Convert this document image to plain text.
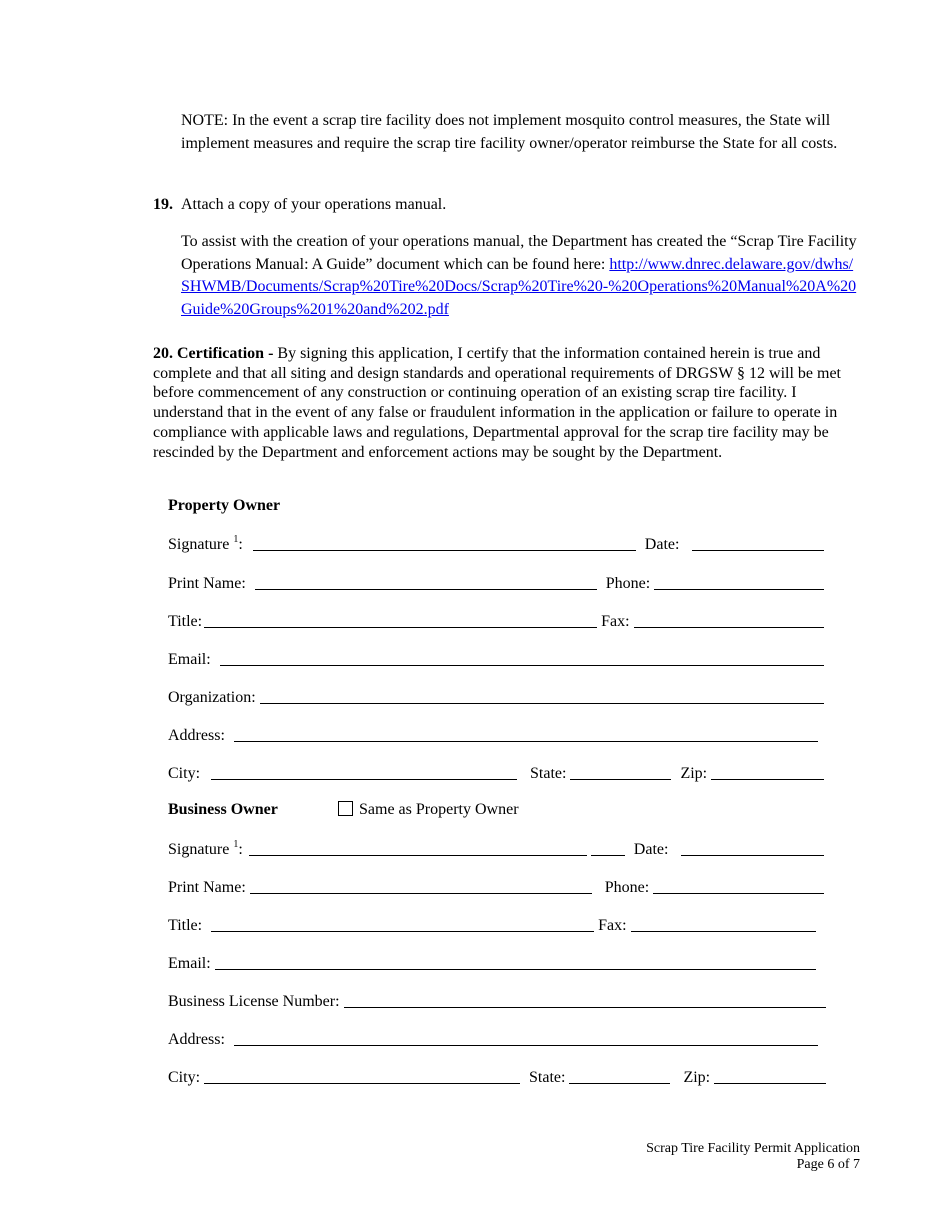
NOTE: In the event a scrap tire facility does not implement mosquito control measures, the State will implement measures and require the scrap tire facility owner/operator reimburse the State for all costs.
19. Attach a copy of your operations manual.
To assist with the creation of your operations manual, the Department has created the “Scrap Tire Facility Operations Manual: A Guide” document which can be found here: http://www.dnrec.delaware.gov/dwhs/SHWMB/Documents/Scrap%20Tire%20Docs/Scrap%20Tire%20-%20Operations%20Manual%20A%20Guide%20Groups%201%20and%202.pdf
20. Certification - By signing this application, I certify that the information contained herein is true and complete and that all siting and design standards and operational requirements of DRGSW § 12 will be met before commencement of any construction or continuing operation of an existing scrap tire facility. I understand that in the event of any false or fraudulent information in the application or failure to operate in compliance with applicable laws and regulations, Departmental approval for the scrap tire facility may be rescinded by the Department and enforcement actions may be sought by the Department.
Property Owner
Signature $^1$:	Date:
Print Name:	Phone:
Title:	Fax:
Email:
Organization:
Address:
City:	State:	Zip:
Business Owner	Same as Property Owner
Signature $^1$:	Date:
Print Name:	Phone:
Title:	Fax:
Email:
Business License Number:
Address:
City:	State:	Zip:
Scrap Tire Facility Permit Application
Page 6 of 7
